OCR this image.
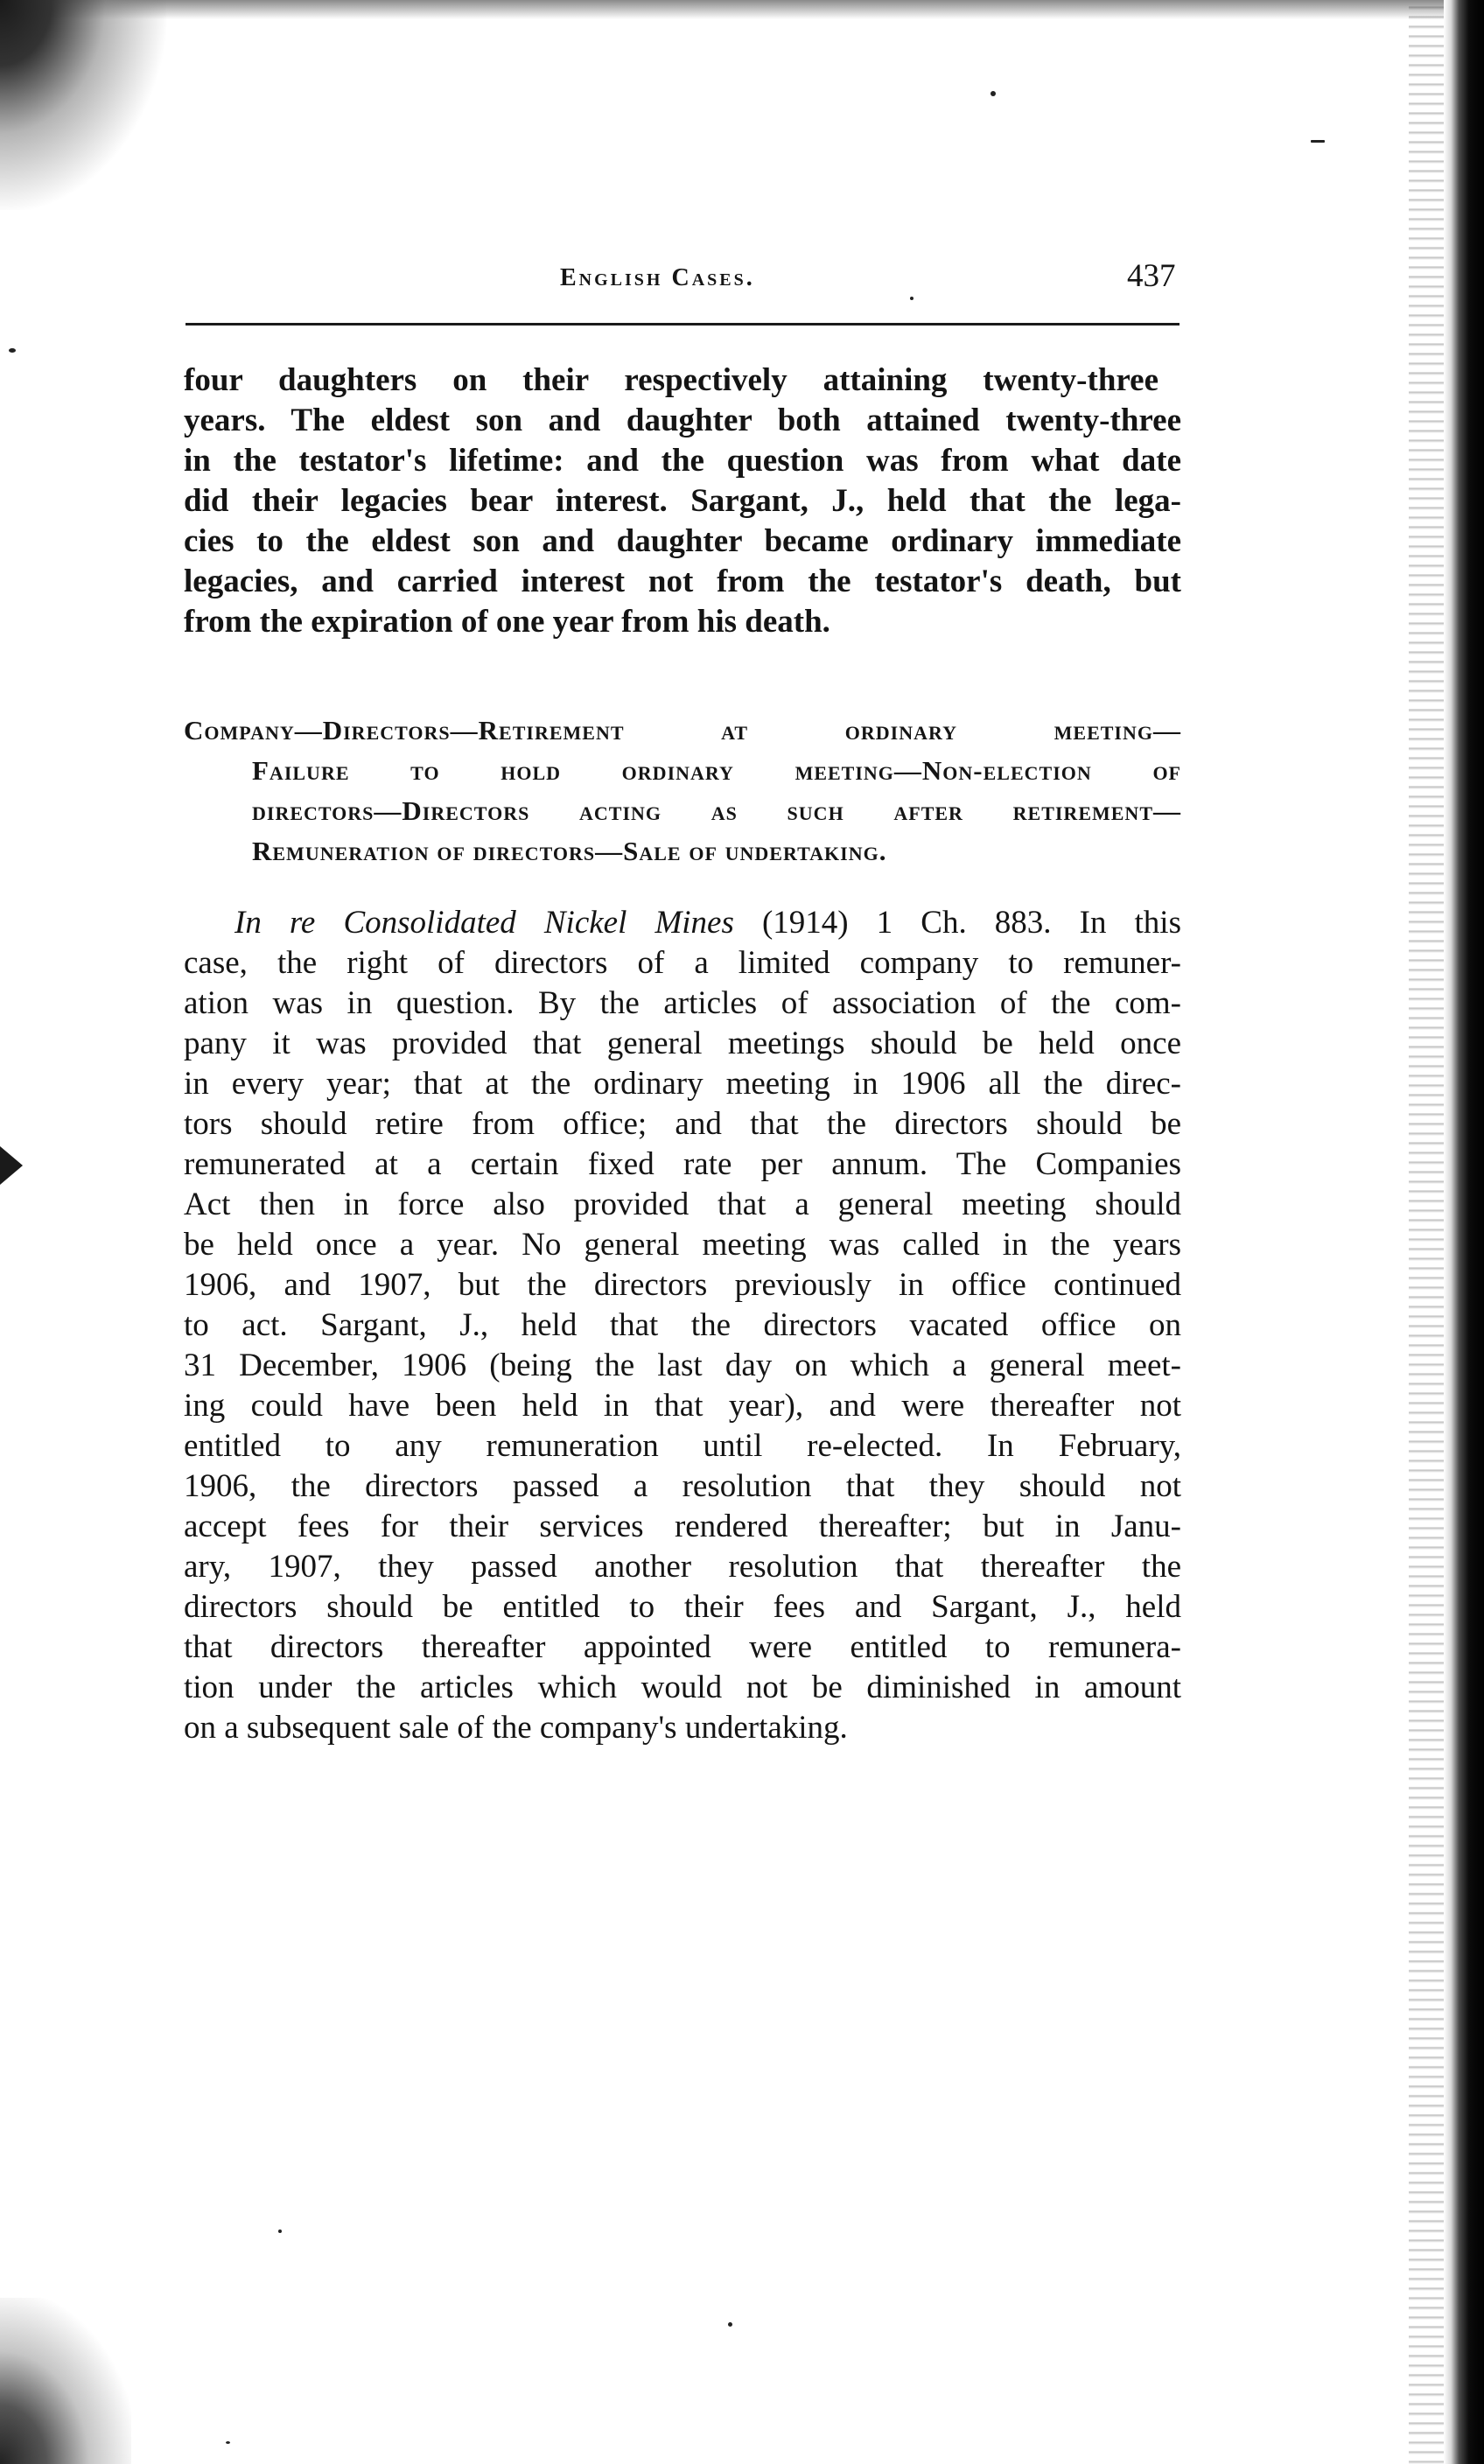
English Cases.	437
four daughters on their respectively attaining twenty-three
years. The eldest son and daughter both attained twenty-three
in the testator's lifetime: and the question was from what date
did their legacies bear interest. Sargant, J., held that the lega-
cies to the eldest son and daughter became ordinary immediate
legacies, and carried interest not from the testator's death, but
from the expiration of one year from his death.
Company—Directors—Retirement at ordinary meeting—
Failure to hold ordinary meeting—Non-election of
directors—Directors acting as such after retirement—
Remuneration of directors—Sale of undertaking.
In re Consolidated Nickel Mines (1914) 1 Ch. 883. In this
case, the right of directors of a limited company to remuner-
ation was in question. By the articles of association of the com-
pany it was provided that general meetings should be held once
in every year; that at the ordinary meeting in 1906 all the direc-
tors should retire from office; and that the directors should be
remunerated at a certain fixed rate per annum. The Companies
Act then in force also provided that a general meeting should
be held once a year. No general meeting was called in the years
1906, and 1907, but the directors previously in office continued
to act. Sargant, J., held that the directors vacated office on
31 December, 1906 (being the last day on which a general meet-
ing could have been held in that year), and were thereafter not
entitled to any remuneration until re-elected. In February,
1906, the directors passed a resolution that they should not
accept fees for their services rendered thereafter; but in Janu-
ary, 1907, they passed another resolution that thereafter the
directors should be entitled to their fees and Sargant, J., held
that directors thereafter appointed were entitled to remunera-
tion under the articles which would not be diminished in amount
on a subsequent sale of the company's undertaking.
